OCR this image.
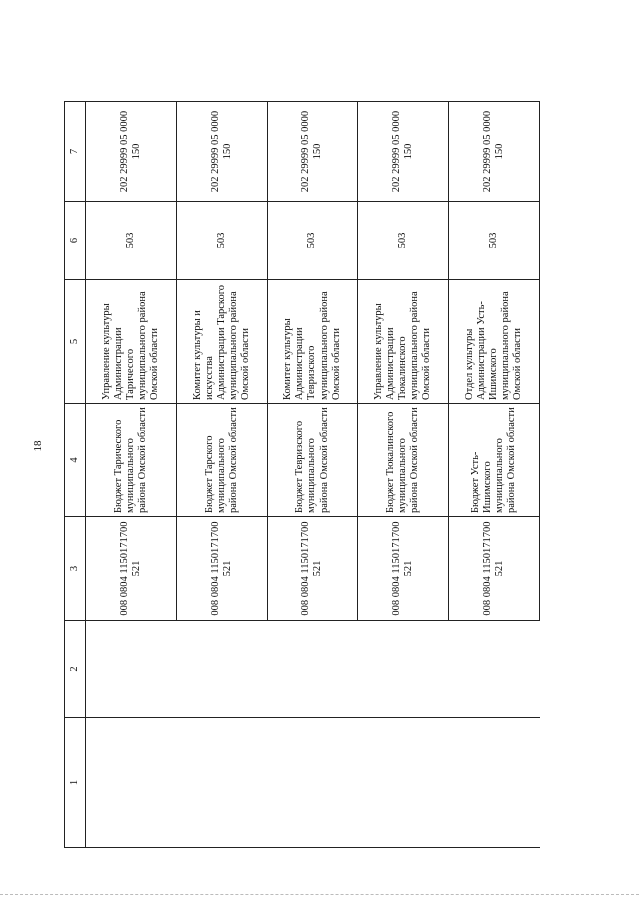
18
1	2	3	4	5	6	7
		008 0804 1150171700 521	Бюджет Тарического муниципального района Омской области	Управление культуры Администрации Таричесого муниципального района Омской области	503	202 29999 05 0000 150
		008 0804 1150171700 521	Бюджет Тарского муниципального района Омской области	Комитет культуры и искусства Администрации Тарского муниципального района Омской области	503	202 29999 05 0000 150
		008 0804 1150171700 521	Бюджет Тевризского муниципального района Омской области	Комитет культуры Администрации Тевризского муниципального района Омской области	503	202 29999 05 0000 150
		008 0804 1150171700 521	Бюджет Тюкалинского муниципального района Омской области	Управление культуры Администрации Тюкалинского муниципального района Омской области	503	202 29999 05 0000 150
		008 0804 1150171700 521	Бюджет Усть-Ишимского муниципального района Омской области	Отдел культуры Администрации Усть-Ишимского муниципального района Омской области	503	202 29999 05 0000 150
